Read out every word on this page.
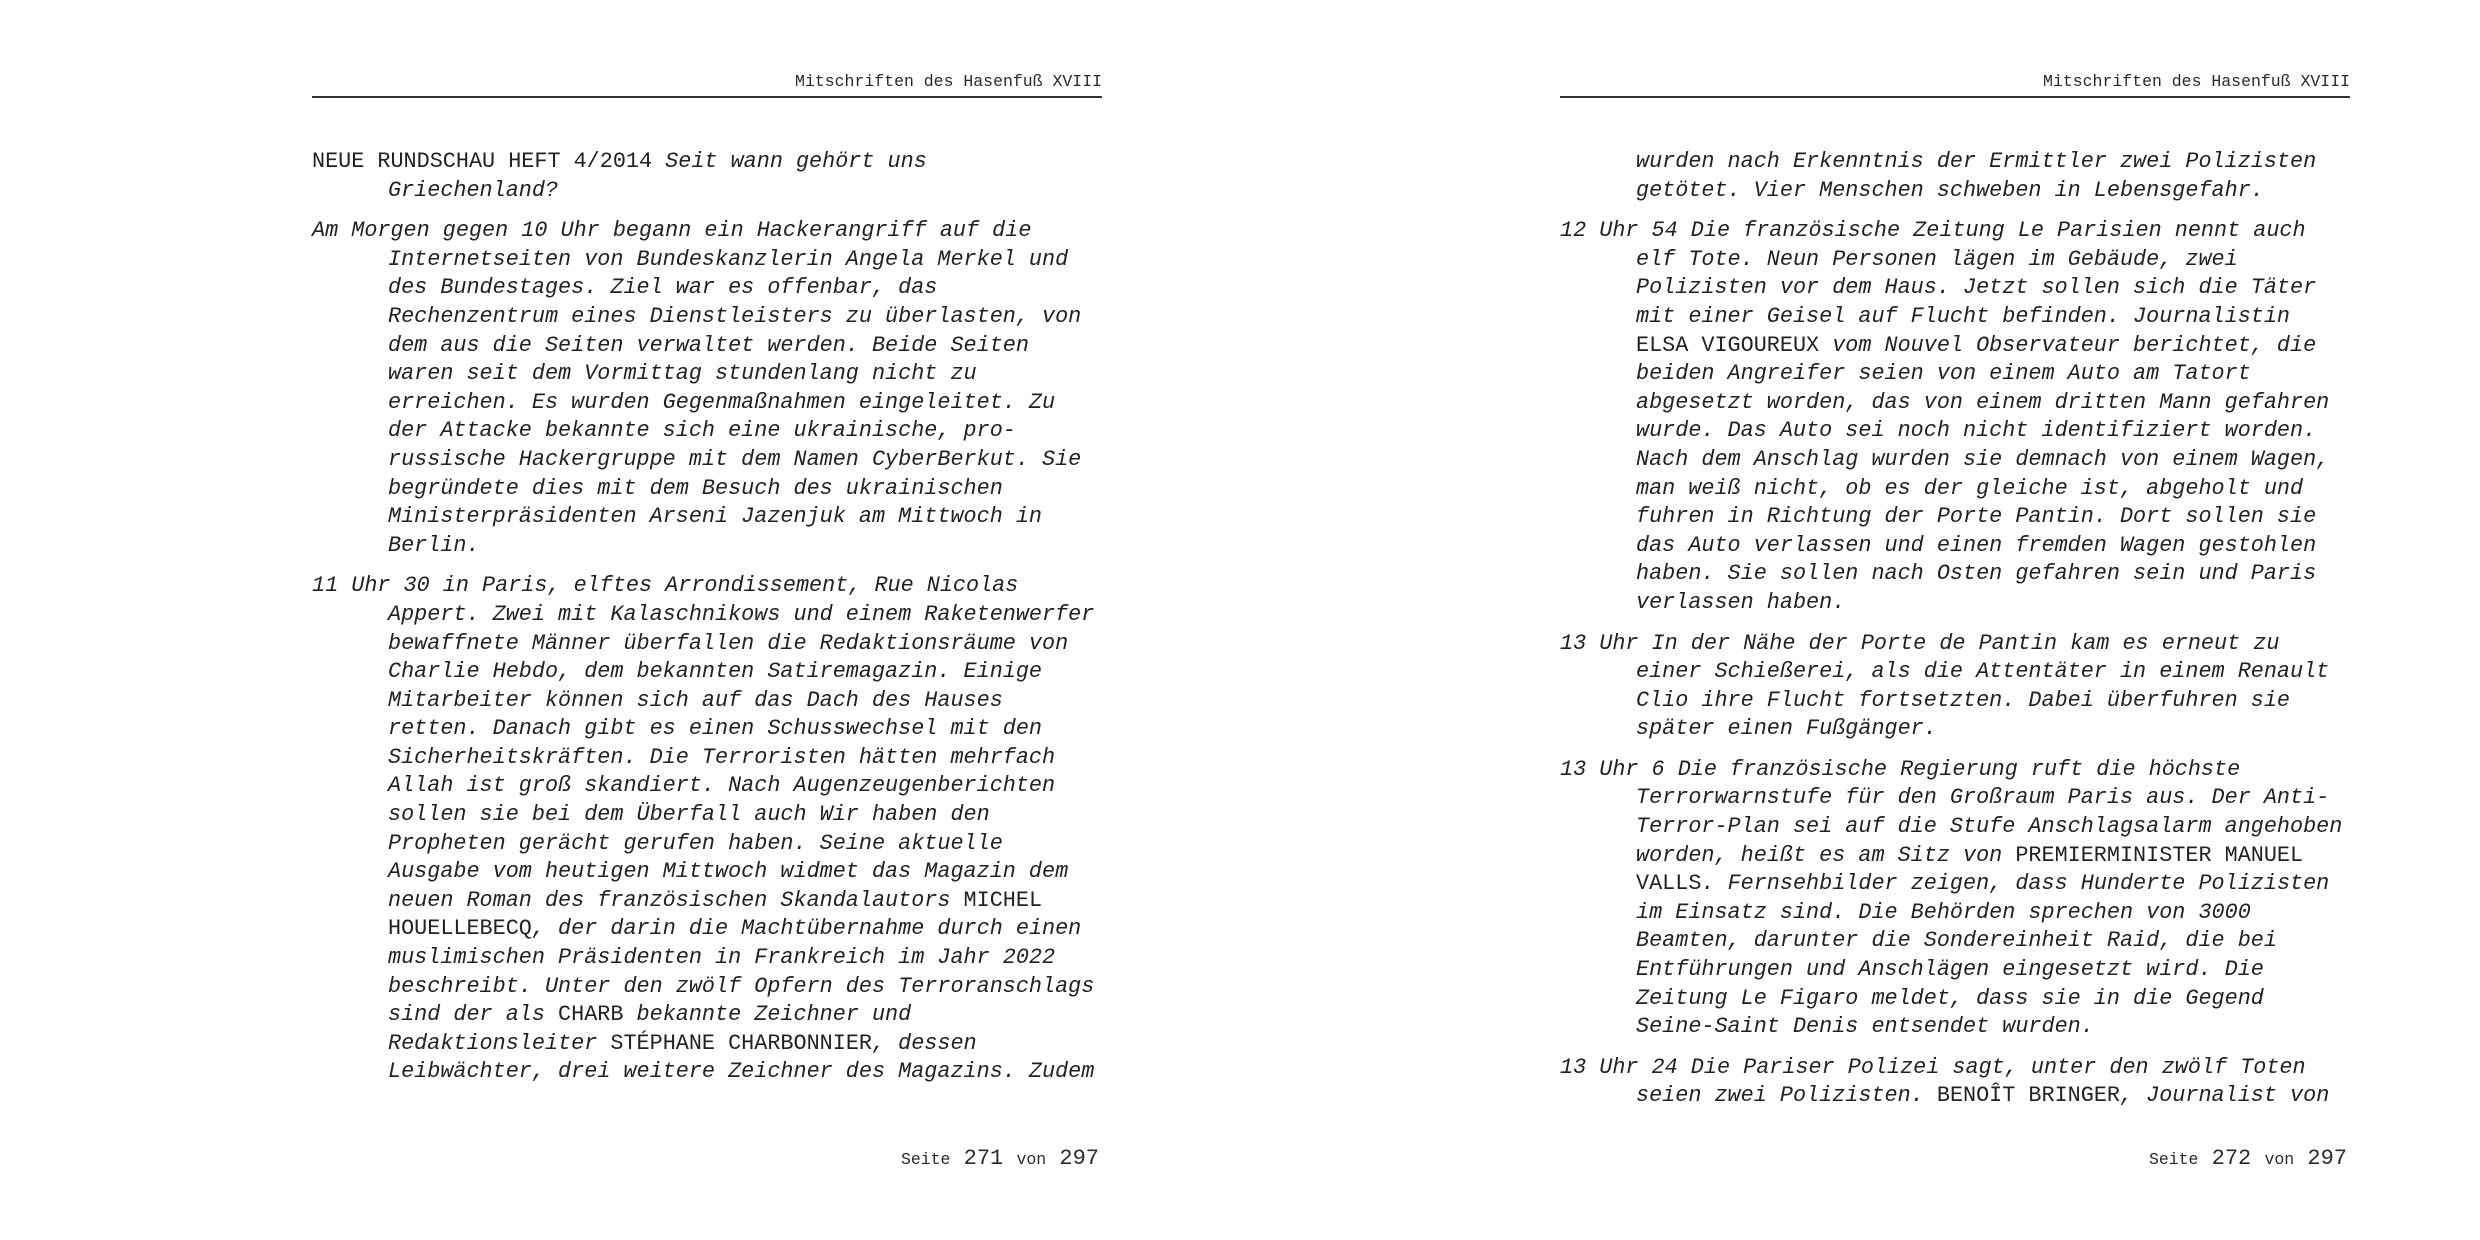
Mitschriften des Hasenfuß XVIII

NEUE RUNDSCHAU HEFT 4/2014 Seit wann gehört uns Griechenland?

Am Morgen gegen 10 Uhr begann ein Hackerangriff auf die Internetseiten von Bundeskanzlerin Angela Merkel und des Bundestages. Ziel war es offenbar, das Rechenzentrum eines Dienstleisters zu überlasten, von dem aus die Seiten verwaltet werden. Beide Seiten waren seit dem Vormittag stundenlang nicht zu erreichen. Es wurden Gegenmaßnahmen eingeleitet. Zu der Attacke bekannte sich eine ukrainische, pro-russische Hackergruppe mit dem Namen CyberBerkut. Sie begründete dies mit dem Besuch des ukrainischen Ministerpräsidenten Arseni Jazenjuk am Mittwoch in Berlin.

11 Uhr 30 in Paris, elftes Arrondissement, Rue Nicolas Appert. Zwei mit Kalaschnikows und einem Raketenwerfer bewaffnete Männer überfallen die Redaktionsräume von Charlie Hebdo, dem bekannten Satiremagazin. Einige Mitarbeiter können sich auf das Dach des Hauses retten. Danach gibt es einen Schusswechsel mit den Sicherheitskräften. Die Terroristen hätten mehrfach Allah ist groß skandiert. Nach Augenzeugenberichten sollen sie bei dem Überfall auch Wir haben den Propheten gerächt gerufen haben. Seine aktuelle Ausgabe vom heutigen Mittwoch widmet das Magazin dem neuen Roman des französischen Skandalautors MICHEL HOUELLEBECQ, der darin die Machtübernahme durch einen muslimischen Präsidenten in Frankreich im Jahr 2022 beschreibt. Unter den zwölf Opfern des Terroranschlags sind der als CHARB bekannte Zeichner und Redaktionsleiter STÉPHANE CHARBONNIER, dessen Leibwächter, drei weitere Zeichner des Magazins. Zudem

Seite 271 von 297
Mitschriften des Hasenfuß XVIII

wurden nach Erkenntnis der Ermittler zwei Polizisten getötet. Vier Menschen schweben in Lebensgefahr.

12 Uhr 54 Die französische Zeitung Le Parisien nennt auch elf Tote. Neun Personen lägen im Gebäude, zwei Polizisten vor dem Haus. Jetzt sollen sich die Täter mit einer Geisel auf Flucht befinden. Journalistin ELSA VIGOUREUX vom Nouvel Observateur berichtet, die beiden Angreifer seien von einem Auto am Tatort abgesetzt worden, das von einem dritten Mann gefahren wurde. Das Auto sei noch nicht identifiziert worden. Nach dem Anschlag wurden sie demnach von einem Wagen, man weiß nicht, ob es der gleiche ist, abgeholt und fuhren in Richtung der Porte Pantin. Dort sollen sie das Auto verlassen und einen fremden Wagen gestohlen haben. Sie sollen nach Osten gefahren sein und Paris verlassen haben.

13 Uhr In der Nähe der Porte de Pantin kam es erneut zu einer Schießerei, als die Attentäter in einem Renault Clio ihre Flucht fortsetzten. Dabei überfuhren sie später einen Fußgänger.

13 Uhr 6 Die französische Regierung ruft die höchste Terrorwarnstufe für den Großraum Paris aus. Der Anti-Terror-Plan sei auf die Stufe Anschlagsalarm angehoben worden, heißt es am Sitz von PREMIERMINISTER MANUEL VALLS. Fernsehbilder zeigen, dass Hunderte Polizisten im Einsatz sind. Die Behörden sprechen von 3000 Beamten, darunter die Sondereinheit Raid, die bei Entführungen und Anschlägen eingesetzt wird. Die Zeitung Le Figaro meldet, dass sie in die Gegend Seine-Saint Denis entsendet wurden.

13 Uhr 24 Die Pariser Polizei sagt, unter den zwölf Toten seien zwei Polizisten. BENOÎT BRINGER, Journalist von

Seite 272 von 297
